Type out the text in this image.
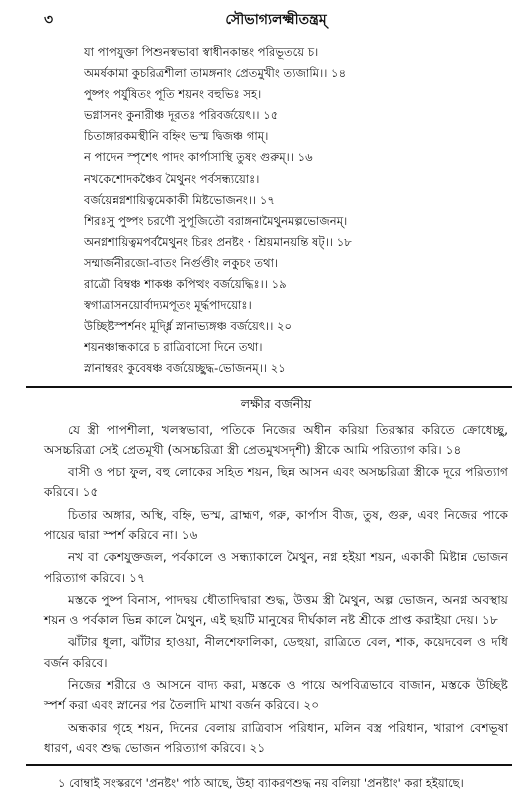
৩	সৌভাগ্যলক্ষ্মীতন্ত্রম্‌
যা পাপযুক্তা পিশুনস্বভাবা স্বাধীনকান্তং পরিভূতয়ে চ।
অমর্ষকামা কুচরিত্রশীলা তামঙ্গনাং প্রেতমুখীং ত্যজামি।। ১৪
পুষ্পং পর্যুষিতং পূতি শয়নং বহুভিঃ সহ।
ভগ্নাসনং কুনারীঞ্চ দূরতঃ পরিবর্জয়েৎ।। ১৫
চিতাঙ্গারকমস্থীনি বহ্নিং ভস্ম দ্বিজঞ্চ গাম্‌।
ন পাদেন স্পৃশেৎ পাদং কার্পাসাস্থি তুষং গুরুম্‌।। ১৬
নখকেশোদকঞ্চৈব মৈথুনং পর্বসন্ধ্যয়োঃ।
বর্জয়েন্নগ্নশায়িত্বমেকাকী মিষ্টভোজনং।। ১৭
শিরঃসু পুষ্পং চরণৌ সুপূজিতৌ বরাঙ্গনামৈথুনমল্পভোজনম্‌।
অনগ্নশায়িত্বমপর্বমৈথুনং চিরং প্রনষ্টং · শ্রিয়মানয়ন্তি ষট্‌।। ১৮
সম্মার্জনীরজো-বাতং নির্গুণ্ডীং লকুচং তথা।
রাত্রৌ বিম্বঞ্চ শাকঞ্চ কপিত্থং বর্জয়েদ্ধিঃ।। ১৯
স্বগাত্রাসনয়োর্বাদ্যমপূতং মূর্দ্ধপাদয়োঃ।
উচ্ছিষ্টস্পর্শনং মূর্দ্ধ্নি স্নানাভ্যঙ্গঞ্চ বর্জয়েৎ।। ২০
শয়নঞ্চান্ধকারে চ রাত্রিবাসো দিনে তথা।
স্নানাম্বরং কুবেষঞ্চ বর্জয়েচ্ছুদ্ধ-ভোজনম্‌।। ২১
লক্ষীর বর্জনীয়

যে স্ত্রী পাপশীলা, খলস্বভাবা, পতিকে নিজের অধীন করিয়া তিরস্কার করিতে ক্রোধেচ্ছু, অসচ্চরিত্রা সেই প্রেতমূখী (অসচ্চরিত্রা স্ত্রী প্রেতমুখসদৃশী) স্ত্রীকে আমি পরিত্যাগ করি। ১৪

বাসী ও পচা ফুল, বহু লোকের সহিত শয়ন, ছিন্ন আসন এবং অসচ্চরিত্রা স্ত্রীকে দূরে পরিত্যাগ করিবে। ১৫

চিতার অঙ্গার, অস্থি, বহ্নি, ভস্ম, ব্রাহ্মণ, গরু, কার্পাস বীজ, তুষ, গুরু, এবং নিজের পাকে পায়ের দ্বারা স্পর্শ করিবে না। ১৬

নখ বা কেশযুক্তজল, পর্বকালে ও সন্ধ্যাকালে মৈথুন, নগ্ন হইয়া শয়ন, একাকী মিষ্টান্ন ভোজন পরিত্যাগ করিবে। ১৭

মস্তকে পুষ্প বিনাস, পাদদ্বয় ধৌতাদিদ্বারা শুদ্ধ, উত্তম স্ত্রী মৈথুন, অল্প ভোজন, অনগ্ন অবস্থায় শয়ন ও পর্বকাল ভিন্ন কালে মৈথুন, এই ছয়টি মানুষের দীর্ঘকাল নষ্ট শ্রীকে প্রাপ্ত করাইয়া দেয়। ১৮

ঝাঁটার ধূলা, ঝাঁটার হাওয়া, নীলশেফালিকা, ডেহুয়া, রাত্রিতে বেল, শাক, কয়েদবেল ও দধি বর্জন করিবে।

নিজের শরীরে ও আসনে বাদ্য করা, মস্তকে ও পায়ে অপবিত্রভাবে বাজান, মস্তকে উচ্ছিষ্ট স্পর্শ করা এবং স্নানের পর তৈলাদি মাখা বর্জন করিবে। ২০

অন্ধকার গৃহে শয়ন, দিনের বেলায় রাত্রিবাস পরিধান, মলিন বস্ত্র পরিধান, খারাপ বেশভূষা ধারণ, এবং শুদ্ধ ভোজন পরিত্যাগ করিবে। ২১

১ বোম্বাই সংস্করণে 'প্রনষ্টং' পাঠ আছে, উহা ব্যাকরণশুদ্ধ নয় বলিয়া 'প্রনষ্টাং' করা হইয়াছে।
